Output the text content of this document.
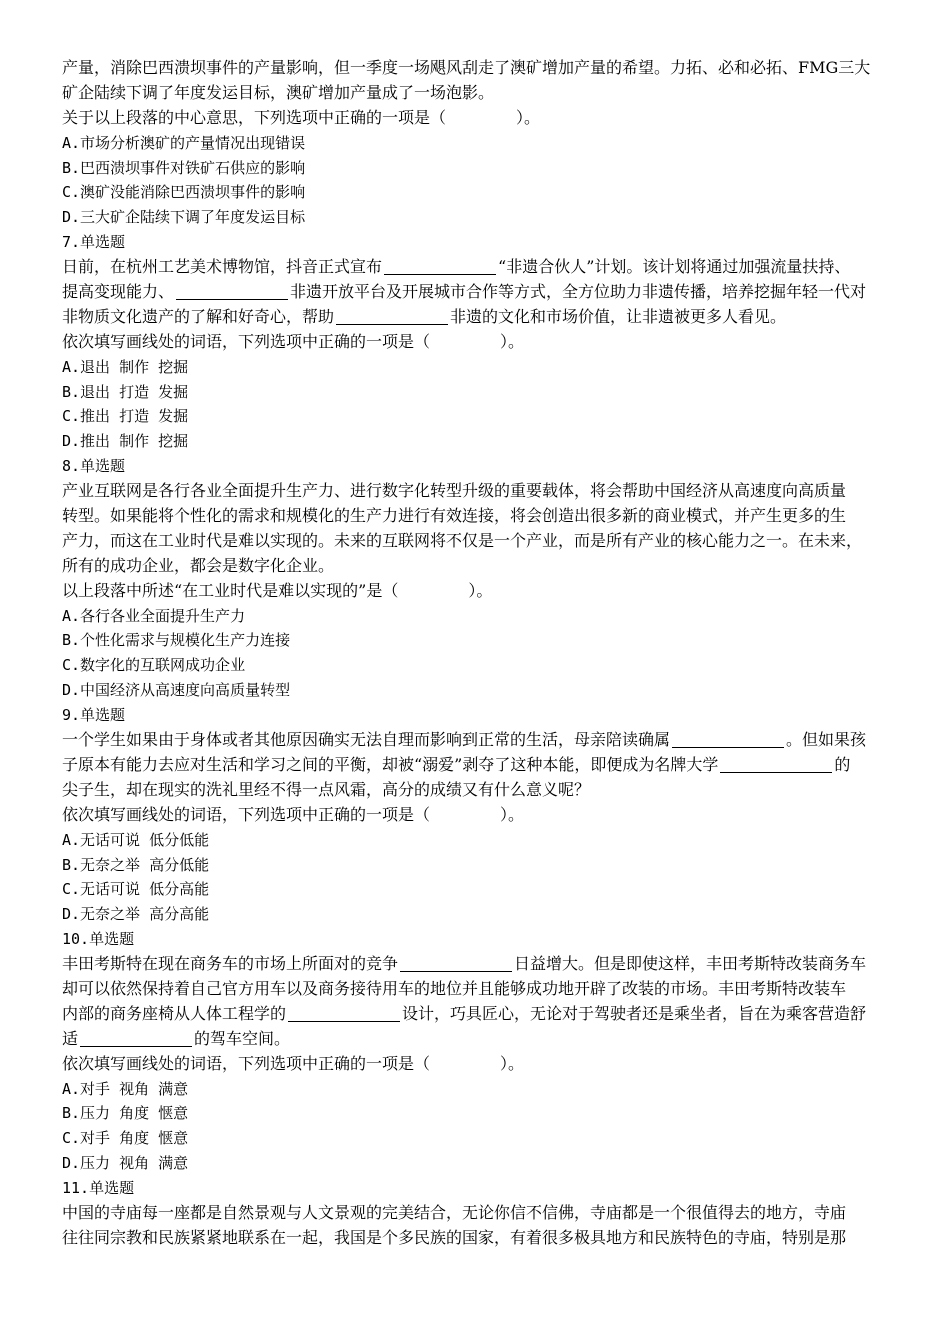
产量，消除巴西溃坝事件的产量影响，但一季度一场飓风刮走了澳矿增加产量的希望。力拓、必和必拓、FMG三大
矿企陆续下调了年度发运目标，澳矿增加产量成了一场泡影。
关于以上段落的中心意思，下列选项中正确的一项是（	）。
A.市场分析澳矿的产量情况出现错误
B.巴西溃坝事件对铁矿石供应的影响
C.澳矿没能消除巴西溃坝事件的影响
D.三大矿企陆续下调了年度发运目标
7.单选题
日前，在杭州工艺美术博物馆，抖音正式宣布	“非遗合伙人”计划。该计划将通过加强流量扶持、
提高变现能力、	非遗开放平台及开展城市合作等方式，全方位助力非遗传播，培养挖掘年轻一代对
非物质文化遗产的了解和好奇心，帮助	非遗的文化和市场价值，让非遗被更多人看见。
依次填写画线处的词语，下列选项中正确的一项是（	）。
A.退出 制作 挖掘
B.退出 打造 发掘
C.推出 打造 发掘
D.推出 制作 挖掘
8.单选题
产业互联网是各行各业全面提升生产力、进行数字化转型升级的重要载体，将会帮助中国经济从高速度向高质量
转型。如果能将个性化的需求和规模化的生产力进行有效连接，将会创造出很多新的商业模式，并产生更多的生
产力，而这在工业时代是难以实现的。未来的互联网将不仅是一个产业，而是所有产业的核心能力之一。在未来，
所有的成功企业，都会是数字化企业。
以上段落中所述“在工业时代是难以实现的”是（	）。
A.各行各业全面提升生产力
B.个性化需求与规模化生产力连接
C.数字化的互联网成功企业
D.中国经济从高速度向高质量转型
9.单选题
一个学生如果由于身体或者其他原因确实无法自理而影响到正常的生活，母亲陪读确属	。但如果孩
子原本有能力去应对生活和学习之间的平衡，却被“溺爱”剥夺了这种本能，即便成为名牌大学	的
尖子生，却在现实的洗礼里经不得一点风霜，高分的成绩又有什么意义呢？
依次填写画线处的词语，下列选项中正确的一项是（	）。
A.无话可说 低分低能
B.无奈之举 高分低能
C.无话可说 低分高能
D.无奈之举 高分高能
10.单选题
丰田考斯特在现在商务车的市场上所面对的竞争	日益增大。但是即使这样，丰田考斯特改装商务车
却可以依然保持着自己官方用车以及商务接待用车的地位并且能够成功地开辟了改装的市场。丰田考斯特改装车
内部的商务座椅从人体工程学的	设计，巧具匠心，无论对于驾驶者还是乘坐者，旨在为乘客营造舒
适	的驾车空间。
依次填写画线处的词语，下列选项中正确的一项是（	）。
A.对手 视角 满意
B.压力 角度 惬意
C.对手 角度 惬意
D.压力 视角 满意
11.单选题
中国的寺庙每一座都是自然景观与人文景观的完美结合，无论你信不信佛，寺庙都是一个很值得去的地方，寺庙
往往同宗教和民族紧紧地联系在一起，我国是个多民族的国家，有着很多极具地方和民族特色的寺庙，特别是那
